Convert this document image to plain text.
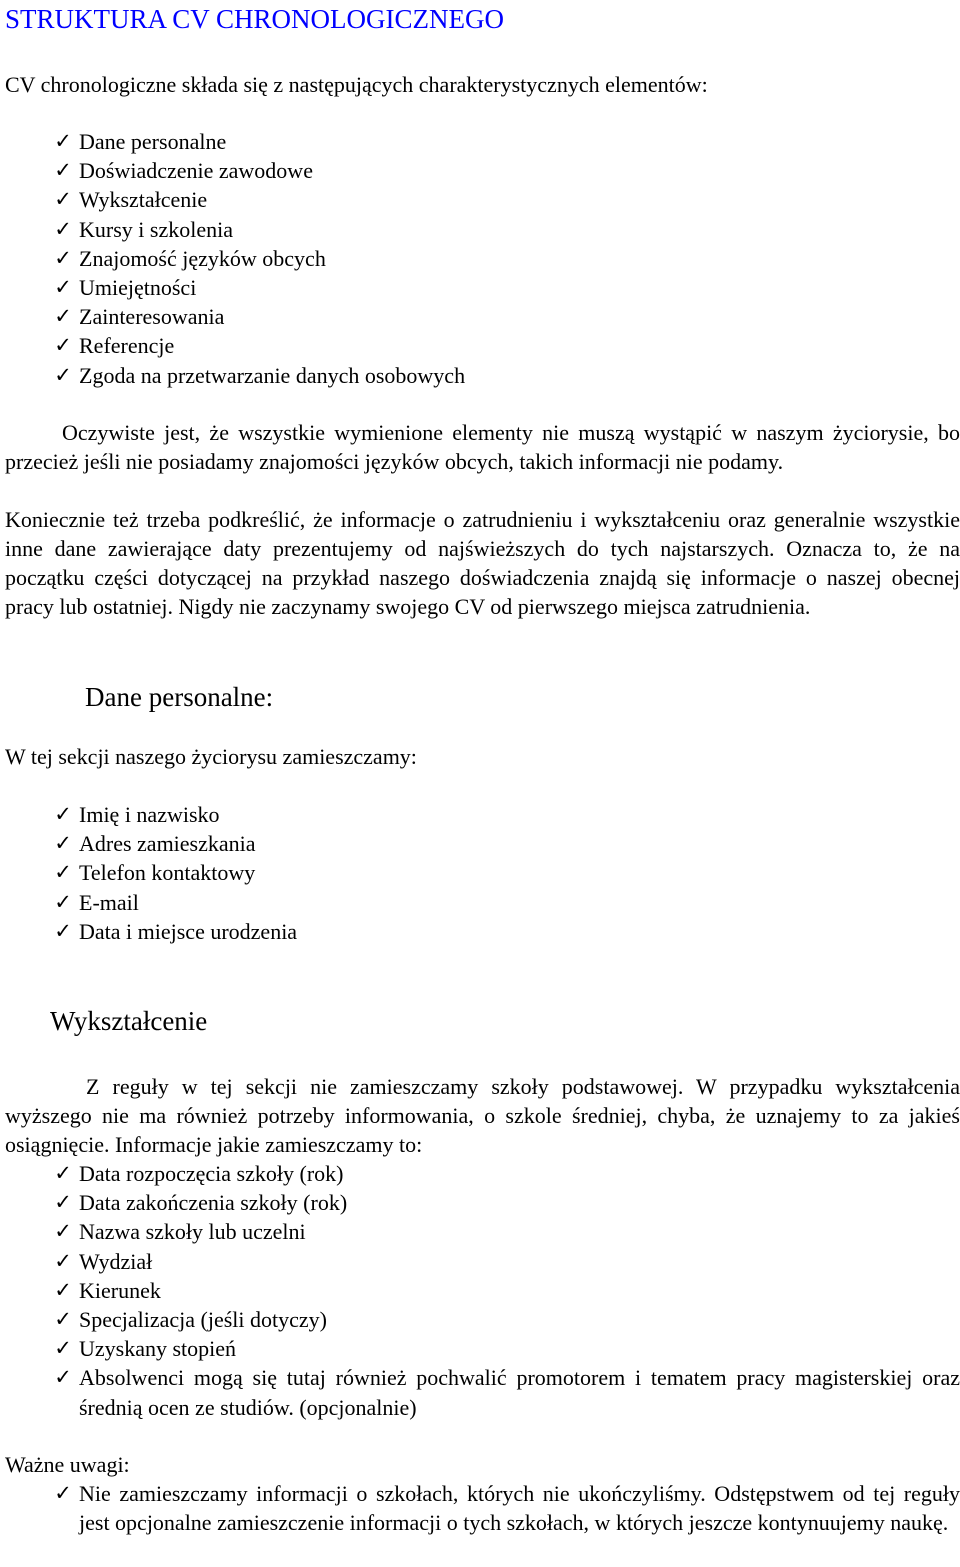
STRUKTURA CV CHRONOLOGICZNEGO
CV chronologiczne składa się z następujących charakterystycznych elementów:
✓ Dane personalne
✓ Doświadczenie zawodowe
✓ Wykształcenie
✓ Kursy i szkolenia
✓ Znajomość języków obcych
✓ Umiejętności
✓ Zainteresowania
✓ Referencje
✓ Zgoda na przetwarzanie danych osobowych
Oczywiste jest, że wszystkie wymienione elementy nie muszą wystąpić w naszym życiorysie, bo przecież jeśli nie posiadamy znajomości języków obcych, takich informacji nie podamy.
Koniecznie też trzeba podkreślić, że informacje o zatrudnieniu i wykształceniu oraz generalnie wszystkie inne dane zawierające daty prezentujemy od najświeższych do tych najstarszych. Oznacza to, że na początku części dotyczącej na przykład naszego doświadczenia znajdą się informacje o naszej obecnej pracy lub ostatniej. Nigdy nie zaczynamy swojego CV od pierwszego miejsca zatrudnienia.
Dane personalne:
W tej sekcji naszego życiorysu zamieszczamy:
✓ Imię i nazwisko
✓ Adres zamieszkania
✓ Telefon kontaktowy
✓ E-mail
✓ Data i miejsce urodzenia
Wykształcenie
Z reguły w tej sekcji nie zamieszczamy szkoły podstawowej. W przypadku wykształcenia wyższego nie ma również potrzeby informowania, o szkole średniej, chyba, że uznajemy to za jakieś osiągnięcie. Informacje jakie zamieszczamy to:
✓ Data rozpoczęcia szkoły (rok)
✓ Data zakończenia szkoły (rok)
✓ Nazwa szkoły lub uczelni
✓ Wydział
✓ Kierunek
✓ Specjalizacja (jeśli dotyczy)
✓ Uzyskany stopień
✓ Absolwenci mogą się tutaj również pochwalić promotorem i tematem pracy magisterskiej oraz średnią ocen ze studiów. (opcjonalnie)
Ważne uwagi:
✓ Nie zamieszczamy informacji o szkołach, których nie ukończyliśmy. Odstępstwem od tej reguły jest opcjonalne zamieszczenie informacji o tych szkołach, w których jeszcze kontynuujemy naukę.
